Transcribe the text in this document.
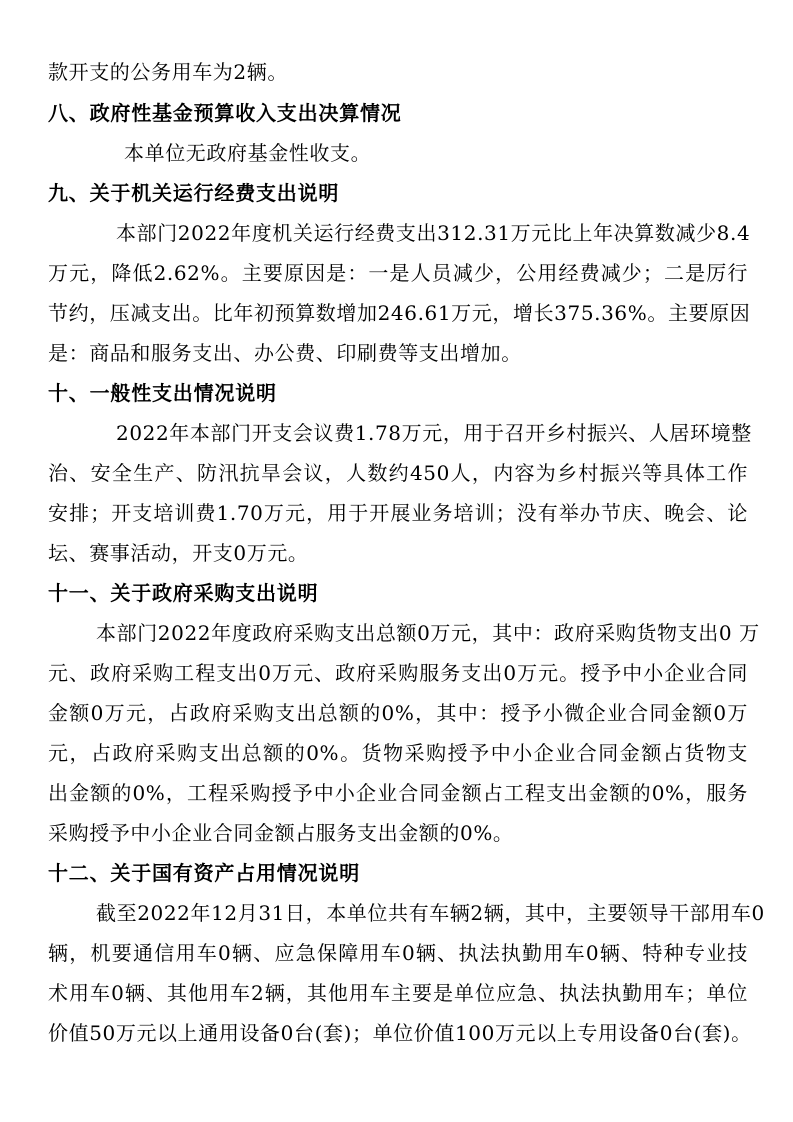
款开支的公务用车为2辆。
八、政府性基金预算收入支出决算情况
本单位无政府基金性收支。
九、关于机关运行经费支出说明
本部门2022年度机关运行经费支出312.31万元比上年决算数减少8.4
万元，降低2.62%。主要原因是：一是人员减少，公用经费减少；二是厉行
节约，压减支出。比年初预算数增加246.61万元，增长375.36%。主要原因
是：商品和服务支出、办公费、印刷费等支出增加。
十、一般性支出情况说明
2022年本部门开支会议费1.78万元，用于召开乡村振兴、人居环境整
治、安全生产、防汛抗旱会议，人数约450人，内容为乡村振兴等具体工作
安排；开支培训费1.70万元，用于开展业务培训；没有举办节庆、晚会、论
坛、赛事活动，开支0万元。
十一、关于政府采购支出说明
本部门2022年度政府采购支出总额0万元，其中：政府采购货物支出0 万
元、政府采购工程支出0万元、政府采购服务支出0万元。授予中小企业合同
金额0万元，占政府采购支出总额的0%，其中：授予小微企业合同金额0万
元，占政府采购支出总额的0%。货物采购授予中小企业合同金额占货物支
出金额的0%，工程采购授予中小企业合同金额占工程支出金额的0%，服务
采购授予中小企业合同金额占服务支出金额的0%。
十二、关于国有资产占用情况说明
截至2022年12月31日，本单位共有车辆2辆，其中，主要领导干部用车0
辆，机要通信用车0辆、应急保障用车0辆、执法执勤用车0辆、特种专业技
术用车0辆、其他用车2辆，其他用车主要是单位应急、执法执勤用车；单位
价值50万元以上通用设备0台(套)；单位价值100万元以上专用设备0台(套)。
